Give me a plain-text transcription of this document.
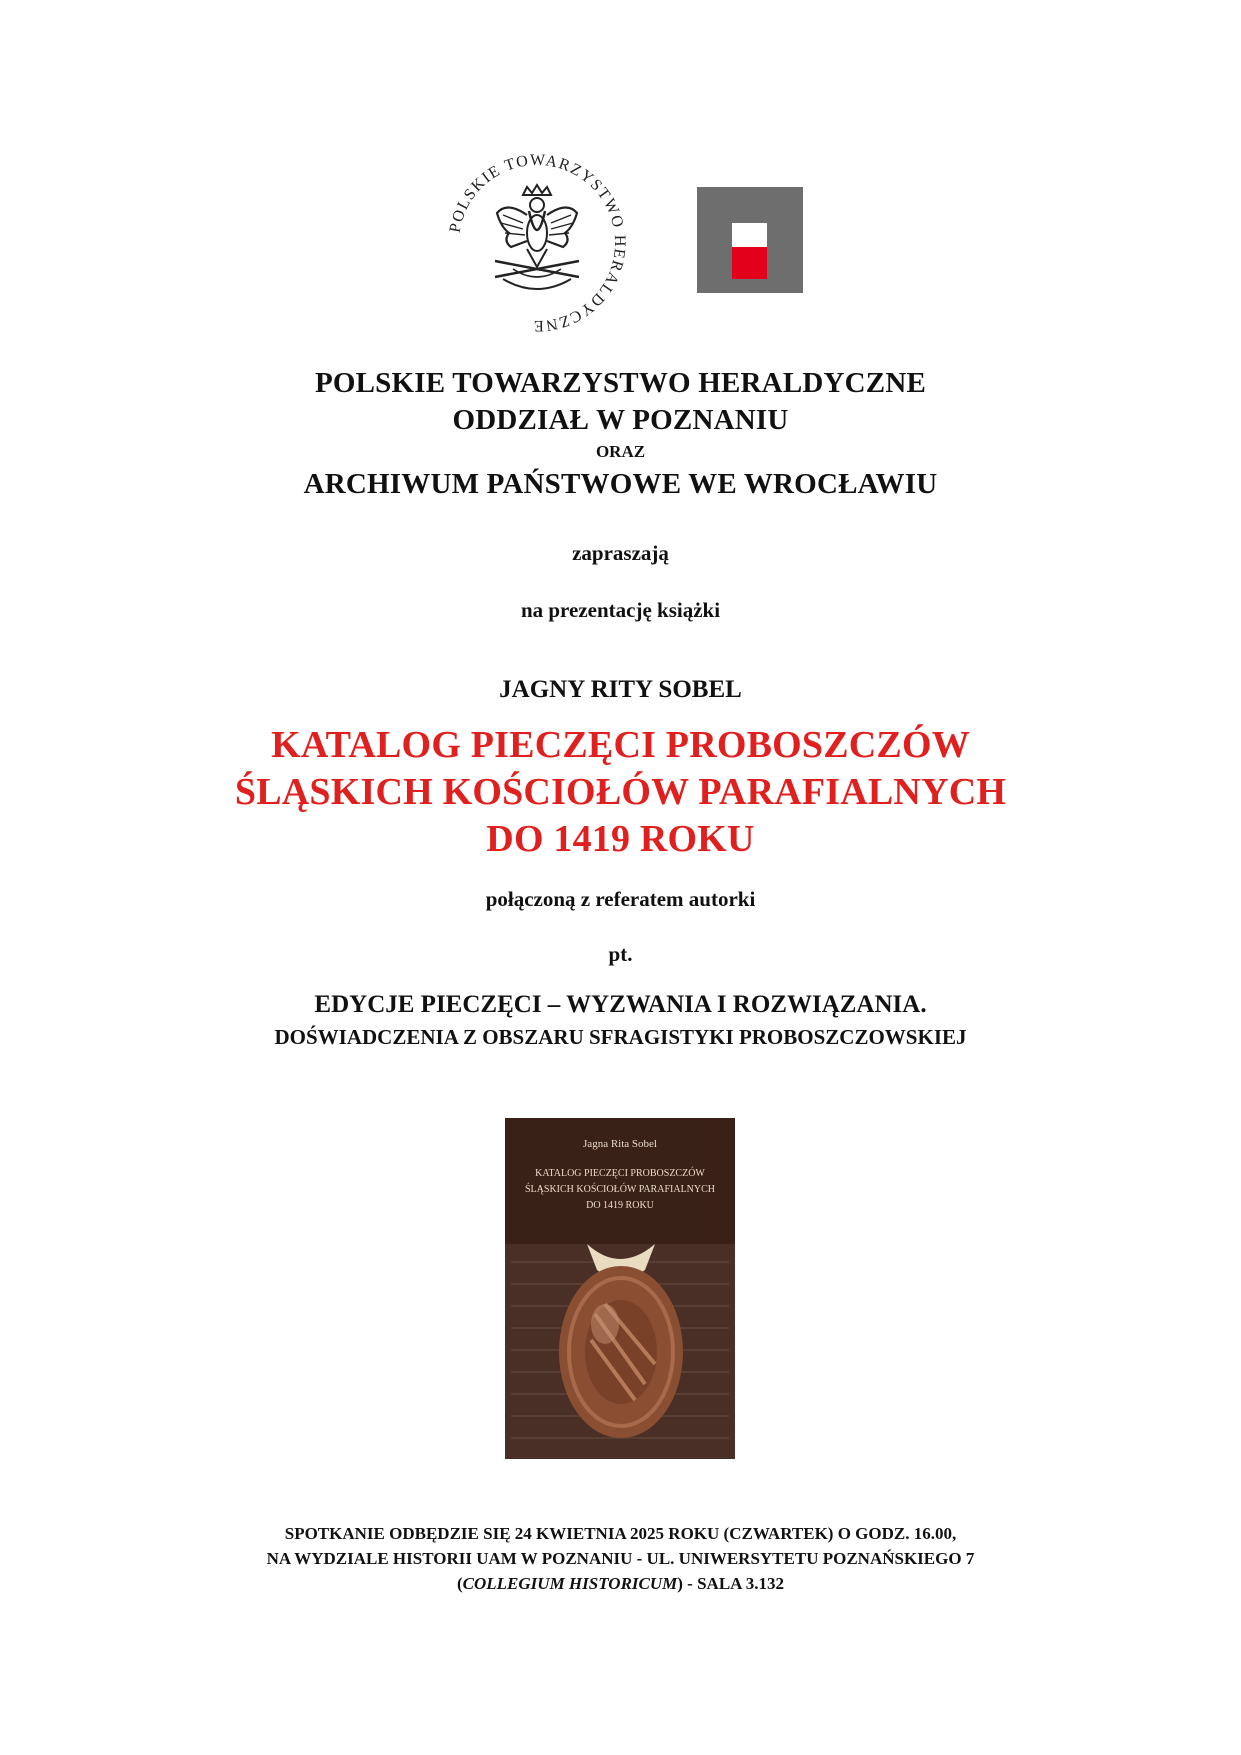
POLSKIE TOWARZYSTWO HERALDYCZNE
POLSKIE TOWARZYSTWO HERALDYCZNE
ODDZIAŁ W POZNANIU
ORAZ
ARCHIWUM PAŃSTWOWE WE WROCŁAWIU
zapraszają
na prezentację książki
JAGNY RITY SOBEL
KATALOG PIECZĘCI PROBOSZCZÓW
ŚLĄSKICH KOŚCIOŁÓW PARAFIALNYCH
DO 1419 ROKU
połączoną z referatem autorki
pt.
EDYCJE PIECZĘCI – WYZWANIA I ROZWIĄZANIA.
DOŚWIADCZENIA Z OBSZARU SFRAGISTYKI PROBOSZCZOWSKIEJ
Jagna Rita Sobel
KATALOG PIECZĘCI PROBOSZCZÓW
ŚLĄSKICH KOŚCIOŁÓW PARAFIALNYCH
DO 1419 ROKU
SPOTKANIE ODBĘDZIE SIĘ 24 KWIETNIA 2025 ROKU (CZWARTEK) O GODZ. 16.00,
NA WYDZIALE HISTORII UAM W POZNANIU - UL. UNIWERSYTETU POZNAŃSKIEGO 7
(COLLEGIUM HISTORICUM) - SALA 3.132
